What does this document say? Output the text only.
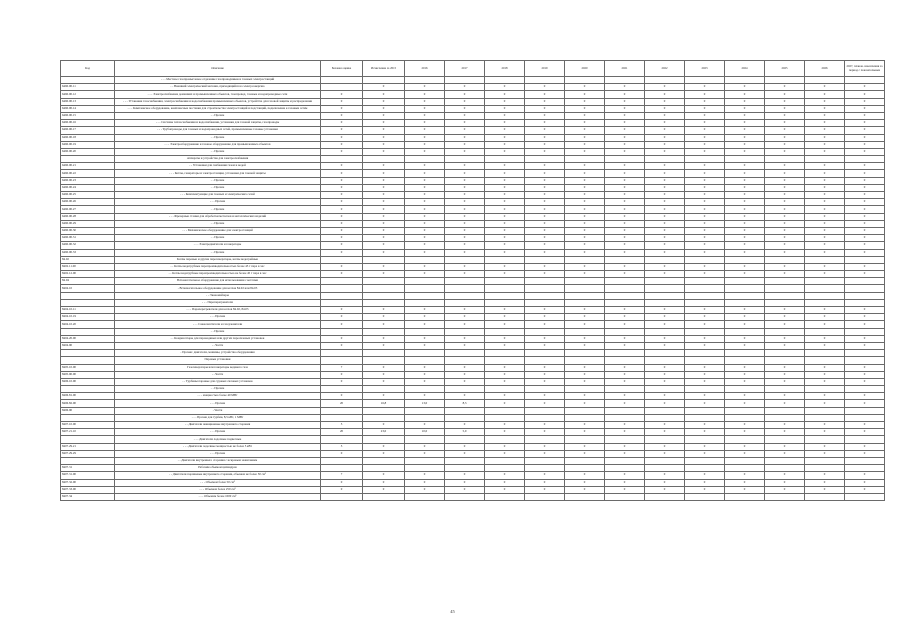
Код	Описание	Базовая оценка	Исчисление за 2015	2016	2017	2018	2019	2020	2021	2022	2023	2024	2025	2026	2027, планов. накопления за период с показательным
	- - - Местное газопромысловое отделение газопроводников и газовых электростанций														
6460.00.11	- - Внешний электрический магазин, приходящийся на электроэнергию		0	0	0	0	0	0	0	0	0	0	0	0	0
6460.00.12	- - - Электроснабжение домашних и промышленных объектов, газопровод, газовые и водопроводные сети	0	0	0	0	0	0	0	0	0	0	0	0	0	0
6460.00.13	- - - Установки газоснабжения, электроснабжения и водоснабжения промышленных объектов, устройства для газовой защиты и распределения	0	0	0	0	0	0	0	0	0	0	0	0	0	0
6460.00.14	- - - Комплексное оборудование, комплексные поставки для строительства электростанций и подстанций, подключение к газовым сетям	0	0	0	0	0	0	0	0	0	0	0	0	0	0
6460.00.15	- - Прочие	0	0	0	0	0	0	0	0	0	0	0	0	0	0
6460.00.16	- - - Системы теплоснабжения и водоснабжения, установки для газовой защиты, газопроводы	0	0	0	0	0	0	0	0	0	0	0	0	0	0
6460.00.17	- - - Трубопроводы для газовых и водопроводных сетей, промышленные газовые установки	0	0	0	0	0	0	0	0	0	0	0	0	0	0
6460.00.18	- - Прочие	0	0	0	0	0	0	0	0	0	0	0	0	0	0
6460.00.19	- - - Электрооборудование и газовое оборудование для промышленных объектов	0	0	0	0	0	0	0	0	0	0	0	0	0	0
6460.00.20	- - Прочие	0	0	0	0	0	0	0	0	0	0	0	0	0	0
	Аппараты и устройства для электроснабжения														
6460.00.21	- - Установки для снабжения газом и водой	0	0	0	0	0	0	0	0	0	0	0	0	0	0
6460.00.22	- - - Котлы, генераторы и электростанции, установки для газовой защиты	0	0	0	0	0	0	0	0	0	0	0	0	0	0
6460.00.23	- - Прочие	0	0	0	0	0	0	0	0	0	0	0	0	0	0
6460.00.24	- - Прочие	0	0	0	0	0	0	0	0	0	0	0	0	0	0
6460.00.25	- - - Комплектующие для газовых и электрических сетей	0	0	0	0	0	0	0	0	0	0	0	0	0	0
6460.00.26	- - - Прочие	0	0	0	0	0	0	0	0	0	0	0	0	0	0
6460.00.27	- - Прочие	0	0	0	0	0	0	0	0	0	0	0	0	0	0
6460.00.28	- - - Фрезерные станки для обработки металлов и металлических изделий	0	0	0	0	0	0	0	0	0	0	0	0	0	0
6460.00.29	- - Прочие	0	0	0	0	0	0	0	0	0	0	0	0	0	0
6460.00.30	- - - Механическое оборудование для электростанций	0	0	0	0	0	0	0	0	0	0	0	0	0	0
6460.00.31	- - Прочие	0	0	0	0	0	0	0	0	0	0	0	0	0	0
6460.00.32	- - - Электродвигатели и генераторы	0	0	0	0	0	0	0	0	0	0	0	0	0	0
6460.00.33	- - Прочие	0	0	0	0	0	0	0	0	0	0	0	0	0	0
84.02	Котлы паровые и другие парогенераторы, котлы водогрейные														
8402.11.00	- - Котлы водотрубные паропроизводительностью более 45 т пара в час	0	0	0	0	0	0	0	0	0	0	0	0	0	0
8402.12.00	- - Котлы водотрубные паропроизводительностью не более 45 т пара в час	0	0	0	0	0	0	0	0	0	0	0	0	0	0
84.04	Вспомогательное оборудование для использования с котлами														
8404.10	- Вспомогательное оборудование для котлов 84.02 или 84.03														
	- - Экономайзеры														
	- - - Пароперегреватели														
8404.10.11	- - - Пароперегреватели для котлов 84.02, 84.03	0	0	0	0	0	0	0	0	0	0	0	0	0	0
8404.10.19	- - - Прочие	0	0	0	0	0	0	0	0	0	0	0	0	0	0
8404.10.20	- - - Сажеочистители и газоуловители	0	0	0	0	0	0	0	0	0	0	0	0	0	0
	- - Прочие														
8404.20.00	- - Конденсаторы для пароводяных или других паросиловых установок	0	0	0	0	0	0	0	0	0	0	0	0	0	0
8404.90	- - Части	0	0	0	0	0	0	0	0	0	0	0	0	0	0
	- Прочие: двигатели, машины, устройства оборудования														
	Паровые установки														
8405.10.00	Газогенераторы или генераторы водяного газа	7	0	0	0	0	0	0	0	0	0	0	0	0	0
8405.90.00	- - Части	0	0	0	0	0	0	0	0	0	0	0	0	0	0
8406.10.00	- - Турбины паровые для судовых силовых установок	0	0	0	0	0	0	0	0	0	0	0	0	0	0
	- - Прочие														
8406.81.00	- - - мощностью более 40 МВт	0	0	0	0	0	0	0	0	0	0	0	0	0	0
8406.82.00	- - - Прочие	20	16,8	13,0	8,3	0	0	0	0	0	0	0	0	0	0
8406.90	- Части														
	- - - Прочие для турбин, 8,5 кВт, 1 МВт														
8407.10.00	- - Двигатели авиационные внутреннего сгорания	5	0	0	0	0	0	0	0	0	0	0	0	0	0
8407.21.10	- - - Прочие	20	23,0	10,0	5,0	0	0	0	0	0	0	0	0	0	0
	- - - Двигатели лодочные подвесные														
8407.29.21	- - - Двигатели лодочные мощностью не более 5 кВт	5	0	0	0	0	0	0	0	0	0	0	0	0	0
8407.29.29	- - - Прочие	0	0	0	0	0	0	0	0	0	0	0	0	0	0
	- - Двигатели внутреннего сгорания с искровым зажиганием														
8407.31	Рабочим объемом цилиндров														
8407.31.00	- - Двигатели поршневые внутреннего сгорания, объемом не более 50 см³	7	0	0	0	0	0	0	0	0	0	0	0	0	0
8407.32.00	- - - Объемом более 50 см³	0	0	0	0	0	0	0	0	0	0	0	0	0	0
8407.33.00	- - - Объемом более 250 см³	0	0	0	0	0	0	0	0	0	0	0	0	0	0
8407.34	- - - Объемом более 1000 см³														
45
